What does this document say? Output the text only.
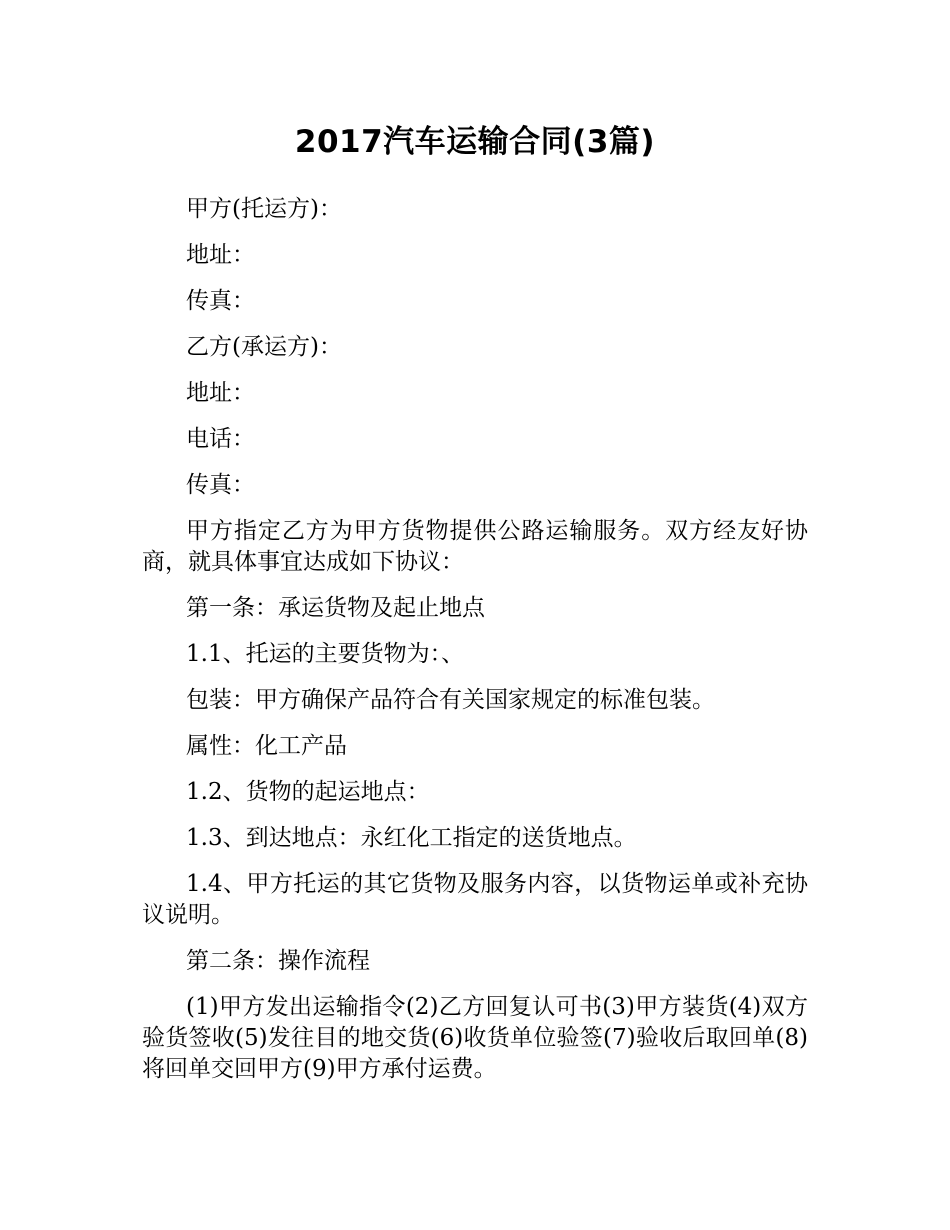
2017汽车运输合同(3篇)

甲方(托运方)：

地址：

传真：

乙方(承运方)：

地址：

电话：

传真：

甲方指定乙方为甲方货物提供公路运输服务。双方经友好协商，就具体事宜达成如下协议：

第一条：承运货物及起止地点

1.1、托运的主要货物为：、

包装：甲方确保产品符合有关国家规定的标准包装。

属性：化工产品

1.2、货物的起运地点：

1.3、到达地点：永红化工指定的送货地点。

1.4、甲方托运的其它货物及服务内容，以货物运单或补充协议说明。

第二条：操作流程

(1)甲方发出运输指令(2)乙方回复认可书(3)甲方装货(4)双方验货签收(5)发往目的地交货(6)收货单位验签(7)验收后取回单(8)将回单交回甲方(9)甲方承付运费。
